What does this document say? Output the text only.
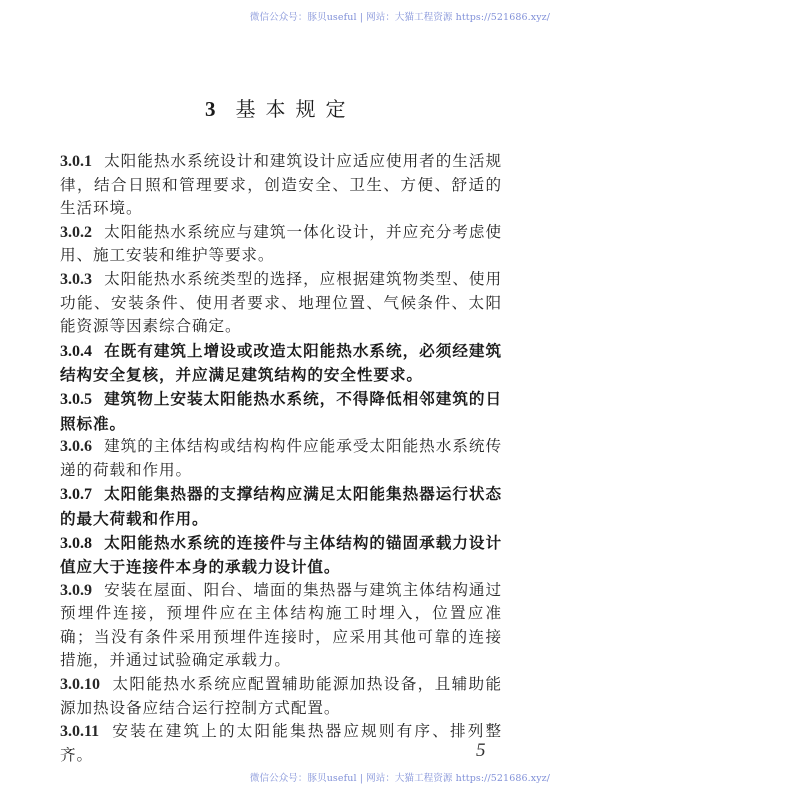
微信公众号：豚贝useful | 网站：大猫工程资源 https://521686.xyz/
3 基本规定

3.0.1 太阳能热水系统设计和建筑设计应适应使用者的生活规律，结合日照和管理要求，创造安全、卫生、方便、舒适的生活环境。

3.0.2 太阳能热水系统应与建筑一体化设计，并应充分考虑使用、施工安装和维护等要求。

3.0.3 太阳能热水系统类型的选择，应根据建筑物类型、使用功能、安装条件、使用者要求、地理位置、气候条件、太阳能资源等因素综合确定。

3.0.4 在既有建筑上增设或改造太阳能热水系统，必须经建筑结构安全复核，并应满足建筑结构的安全性要求。

3.0.5 建筑物上安装太阳能热水系统，不得降低相邻建筑的日照标准。

3.0.6 建筑的主体结构或结构构件应能承受太阳能热水系统传递的荷载和作用。

3.0.7 太阳能集热器的支撑结构应满足太阳能集热器运行状态的最大荷载和作用。

3.0.8 太阳能热水系统的连接件与主体结构的锚固承载力设计值应大于连接件本身的承载力设计值。

3.0.9 安装在屋面、阳台、墙面的集热器与建筑主体结构通过预埋件连接，预埋件应在主体结构施工时埋入，位置应准确；当没有条件采用预埋件连接时，应采用其他可靠的连接措施，并通过试验确定承载力。

3.0.10 太阳能热水系统应配置辅助能源加热设备，且辅助能源加热设备应结合运行控制方式配置。

3.0.11 安装在建筑上的太阳能集热器应规则有序、排列整齐。	5
微信公众号：豚贝useful | 网站：大猫工程资源 https://521686.xyz/
